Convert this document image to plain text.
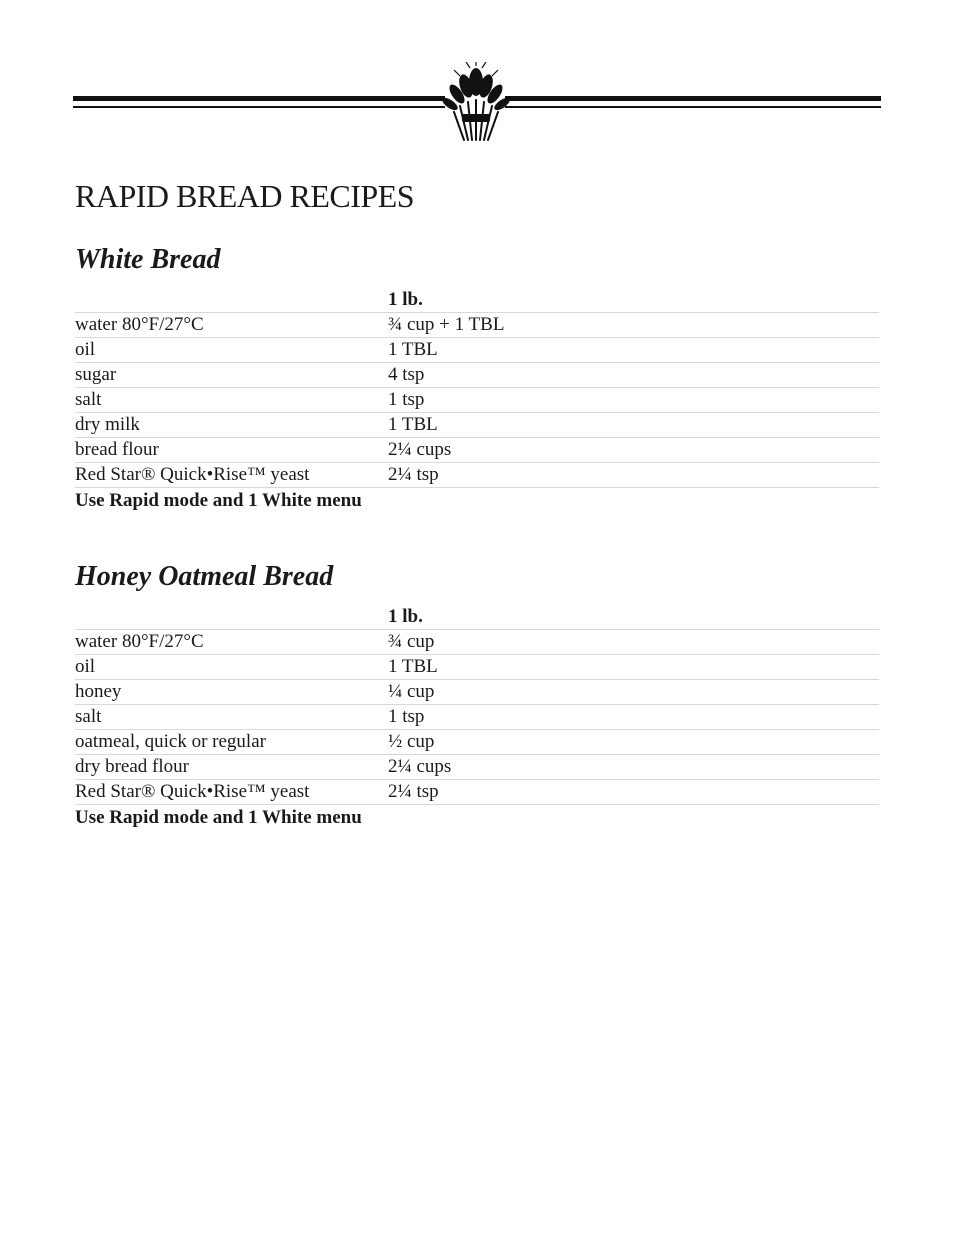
RAPID BREAD RECIPES
White Bread
1 lb.
water 80°F/27°C	¾ cup + 1 TBL
oil	1 TBL
sugar	4 tsp
salt	1 tsp
dry milk	1 TBL
bread flour	2¼ cups
Red Star® Quick•Rise™ yeast	2¼ tsp
Use Rapid mode and 1 White menu
Honey Oatmeal Bread
1 lb.
water 80°F/27°C	¾ cup
oil	1 TBL
honey	¼ cup
salt	1 tsp
oatmeal, quick or regular	½ cup
dry bread flour	2¼ cups
Red Star® Quick•Rise™ yeast	2¼ tsp
Use Rapid mode and 1 White menu
